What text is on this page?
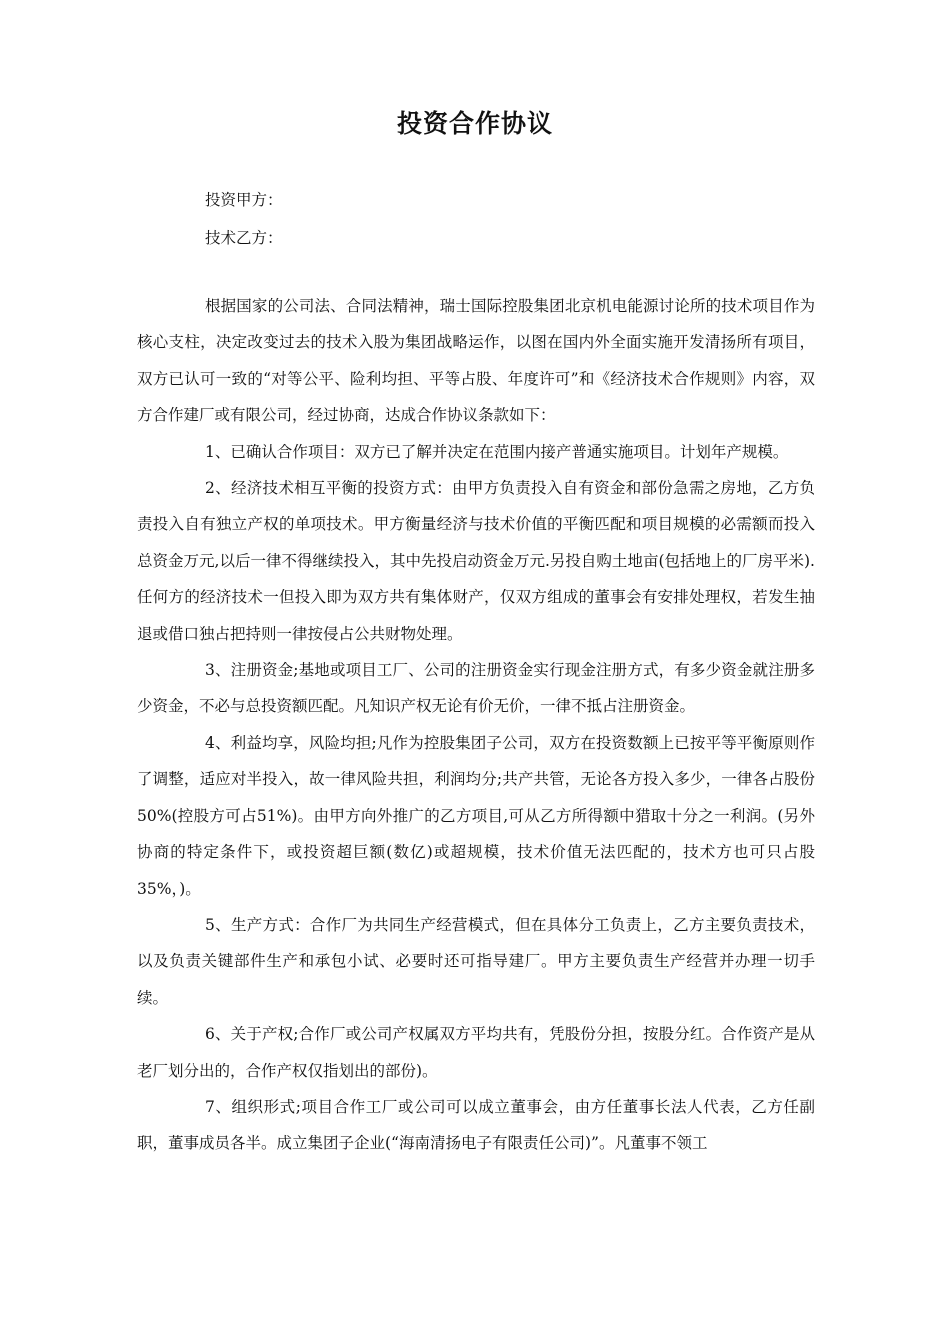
投资合作协议
投资甲方：
技术乙方：

根据国家的公司法、合同法精神，瑞士国际控股集团北京机电能源讨论所的技术项目作为核心支柱，决定改变过去的技术入股为集团战略运作，以图在国内外全面实施开发清扬所有项目，双方已认可一致的“对等公平、险利均担、平等占股、年度许可”和《经济技术合作规则》内容，双方合作建厂或有限公司，经过协商，达成合作协议条款如下：

1、已确认合作项目：双方已了解并决定在范围内接产普通实施项目。计划年产规模。

2、经济技术相互平衡的投资方式：由甲方负责投入自有资金和部份急需之房地，乙方负责投入自有独立产权的单项技术。甲方衡量经济与技术价值的平衡匹配和项目规模的必需额而投入总资金万元,以后一律不得继续投入，其中先投启动资金万元.另投自购土地亩(包括地上的厂房平米).任何方的经济技术一但投入即为双方共有集体财产，仅双方组成的董事会有安排处理权，若发生抽退或借口独占把持则一律按侵占公共财物处理。

3、注册资金;基地或项目工厂、公司的注册资金实行现金注册方式，有多少资金就注册多少资金，不必与总投资额匹配。凡知识产权无论有价无价，一律不抵占注册资金。

4、利益均享，风险均担;凡作为控股集团子公司，双方在投资数额上已按平等平衡原则作了调整，适应对半投入，故一律风险共担，利润均分;共产共管，无论各方投入多少，一律各占股份50%(控股方可占51%)。由甲方向外推广的乙方项目,可从乙方所得额中猎取十分之一利润。(另外协商的特定条件下，或投资超巨额(数亿)或超规模，技术价值无法匹配的，技术方也可只占股35%，)。

5、生产方式：合作厂为共同生产经营模式，但在具体分工负责上，乙方主要负责技术，以及负责关键部件生产和承包小试、必要时还可指导建厂。甲方主要负责生产经营并办理一切手续。

6、关于产权;合作厂或公司产权属双方平均共有，凭股份分担，按股分红。合作资产是从老厂划分出的，合作产权仅指划出的部份)。

7、组织形式;项目合作工厂或公司可以成立董事会，由方任董事长法人代表，乙方任副职，董事成员各半。成立集团子企业(“海南清扬电子有限责任公司)”。凡董事不领工
